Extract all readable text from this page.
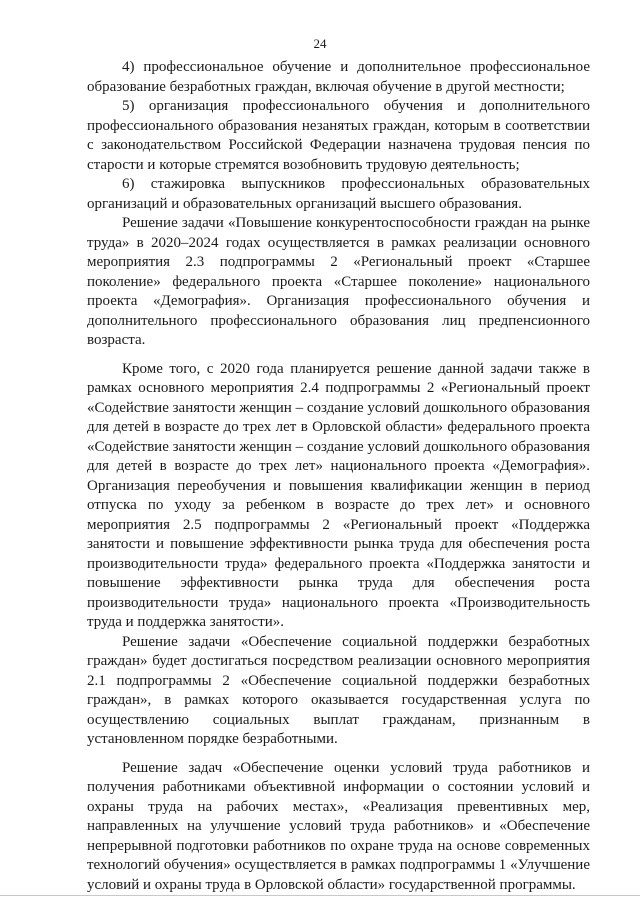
24

4) профессиональное обучение и дополнительное профессиональное образование безработных граждан, включая обучение в другой местности;

5) организация профессионального обучения и дополнительного профессионального образования незанятых граждан, которым в соответствии с законодательством Российской Федерации назначена трудовая пенсия по старости и которые стремятся возобновить трудовую деятельность;

6) стажировка выпускников профессиональных образовательных организаций и образовательных организаций высшего образования.

Решение задачи «Повышение конкурентоспособности граждан на рынке труда» в 2020–2024 годах осуществляется в рамках реализации основного мероприятия 2.3 подпрограммы 2 «Региональный проект «Старшее поколение» федерального проекта «Старшее поколение» национального проекта «Демография». Организация профессионального обучения и дополнительного профессионального образования лиц предпенсионного возраста.

Кроме того, с 2020 года планируется решение данной задачи также в рамках основного мероприятия 2.4 подпрограммы 2 «Региональный проект «Содействие занятости женщин – создание условий дошкольного образования для детей в возрасте до трех лет в Орловской области» федерального проекта «Содействие занятости женщин – создание условий дошкольного образования для детей в возрасте до трех лет» национального проекта «Демография». Организация переобучения и повышения квалификации женщин в период отпуска по уходу за ребенком в возрасте до трех лет» и основного мероприятия 2.5 подпрограммы 2 «Региональный проект «Поддержка занятости и повышение эффективности рынка труда для обеспечения роста производительности труда» федерального проекта «Поддержка занятости и повышение эффективности рынка труда для обеспечения роста производительности труда» национального проекта «Производительность труда и поддержка занятости».

Решение задачи «Обеспечение социальной поддержки безработных граждан» будет достигаться посредством реализации основного мероприятия 2.1 подпрограммы 2 «Обеспечение социальной поддержки безработных граждан», в рамках которого оказывается государственная услуга по осуществлению социальных выплат гражданам, признанным в установленном порядке безработными.

Решение задач «Обеспечение оценки условий труда работников и получения работниками объективной информации о состоянии условий и охраны труда на рабочих местах», «Реализация превентивных мер, направленных на улучшение условий труда работников» и «Обеспечение непрерывной подготовки работников по охране труда на основе современных технологий обучения» осуществляется в рамках подпрограммы 1 «Улучшение условий и охраны труда в Орловской области» государственной программы.
